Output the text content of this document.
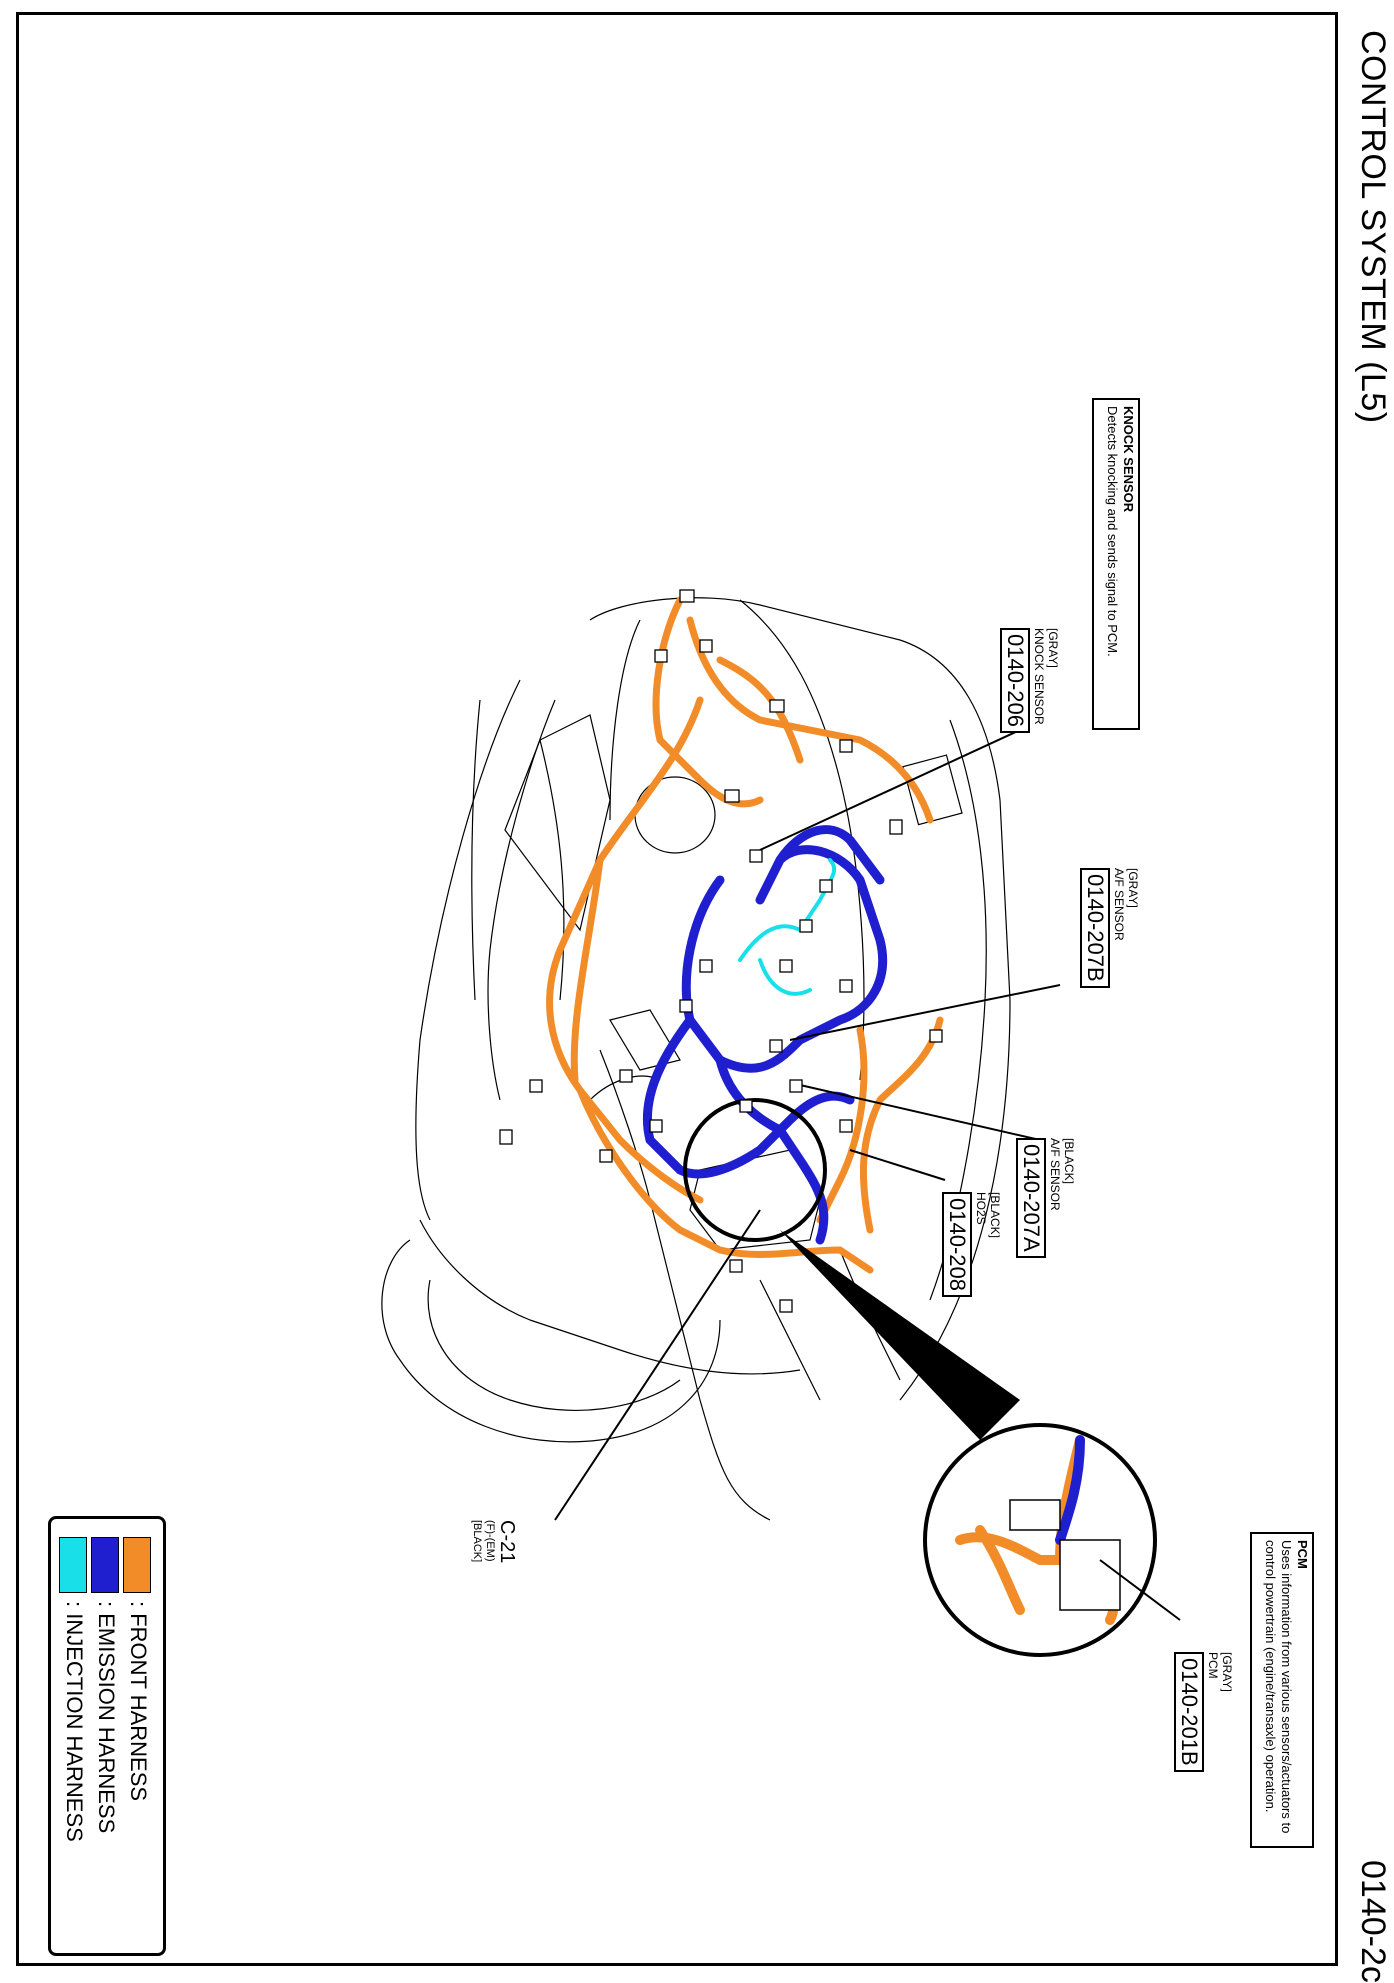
CONTROL SYSTEM (L5)
0140-2c
KNOCK SENSOR
Detects knocking and sends signal to PCM.
PCM
Uses information from various sensors/actuators to
control powertrain (engine/transaxle) operation.
[GRAY]
KNOCK SENSOR
0140-206
[GRAY]
A/F SENSOR
0140-207B
[BLACK]
A/F SENSOR
0140-207A
[BLACK]
HO2S
0140-208
[GRAY]
PCM
0140-201B
C-21
(F)-(EM)
[BLACK]
: FRONT HARNESS
: EMISSION HARNESS
: INJECTION HARNESS
